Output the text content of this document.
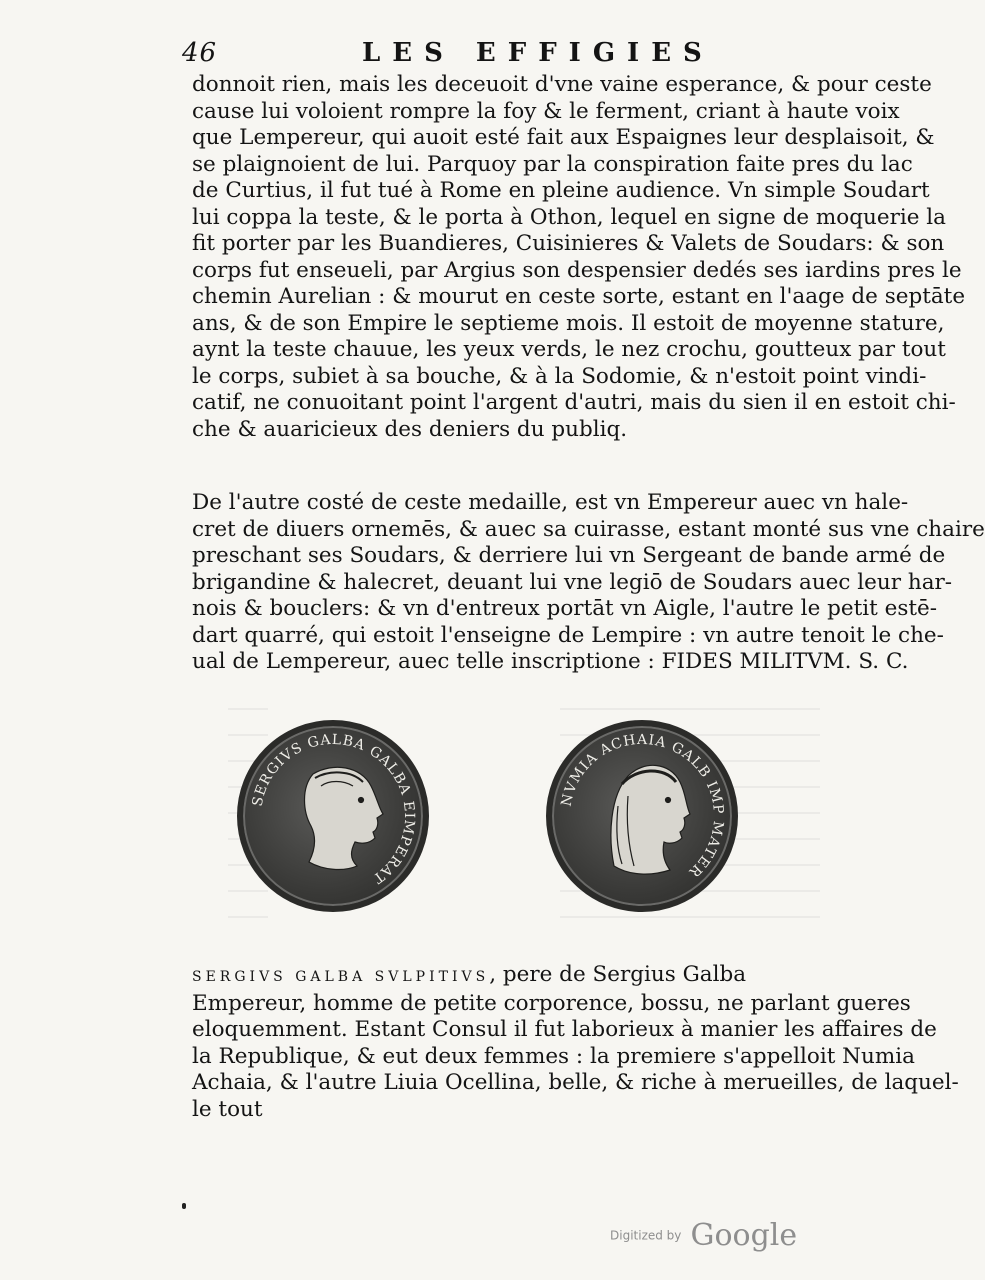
46	LES EFFIGIES
donnoit rien, mais les deceuoit d'vne vaine esperance, & pour ceste
cause lui voloient rompre la foy & le ferment, criant à haute voix
que Lempereur, qui auoit esté fait aux Espaignes leur desplaisoit, &
se plaignoient de lui. Parquoy par la conspiration faite pres du lac
de Curtius, il fut tué à Rome en pleine audience. Vn simple Soudart
lui coppa la teste, & le porta à Othon, lequel en signe de moquerie la
fit porter par les Buandieres, Cuisinieres & Valets de Soudars: & son
corps fut enseueli, par Argius son despensier dedés ses iardins pres le
chemin Aurelian : & mourut en ceste sorte, estant en l'aage de septāte
ans, & de son Empire le septieme mois. Il estoit de moyenne stature,
aynt la teste chauue, les yeux verds, le nez crochu, goutteux par tout
le corps, subiet à sa bouche, & à la Sodomie, & n'estoit point vindi-
catif, ne conuoitant point l'argent d'autri, mais du sien il en estoit chi-
che & auaricieux des deniers du publiq.
De l'autre costé de ceste medaille, est vn Empereur auec vn hale-
cret de diuers ornemēs, & auec sa cuirasse, estant monté sus vne chaire
preschant ses Soudars, & derriere lui vn Sergeant de bande armé de
brigandine & halecret, deuant lui vne legiō de Soudars auec leur har-
nois & bouclers: & vn d'entreux portāt vn Aigle, l'autre le petit estē-
dart quarré, qui estoit l'enseigne de Lempire : vn autre tenoit le che-
ual de Lempereur, auec telle inscriptione : FIDES MILITVM. S. C.
SERGIVS GALBA GALBA EIMPERAT
NVMIA ACHAIA GALB IMP MATER
SERGIVS GALBA SVLPITIVS, pere de Sergius Galba
Empereur, homme de petite corporence, bossu, ne parlant gueres
eloquemment. Estant Consul il fut laborieux à manier les affaires de
la Republique, & eut deux femmes : la premiere s'appelloit Numia
Achaia, & l'autre Liuia Ocellina, belle, & riche à merueilles, de laquel-
le tout
Digitized by Google
